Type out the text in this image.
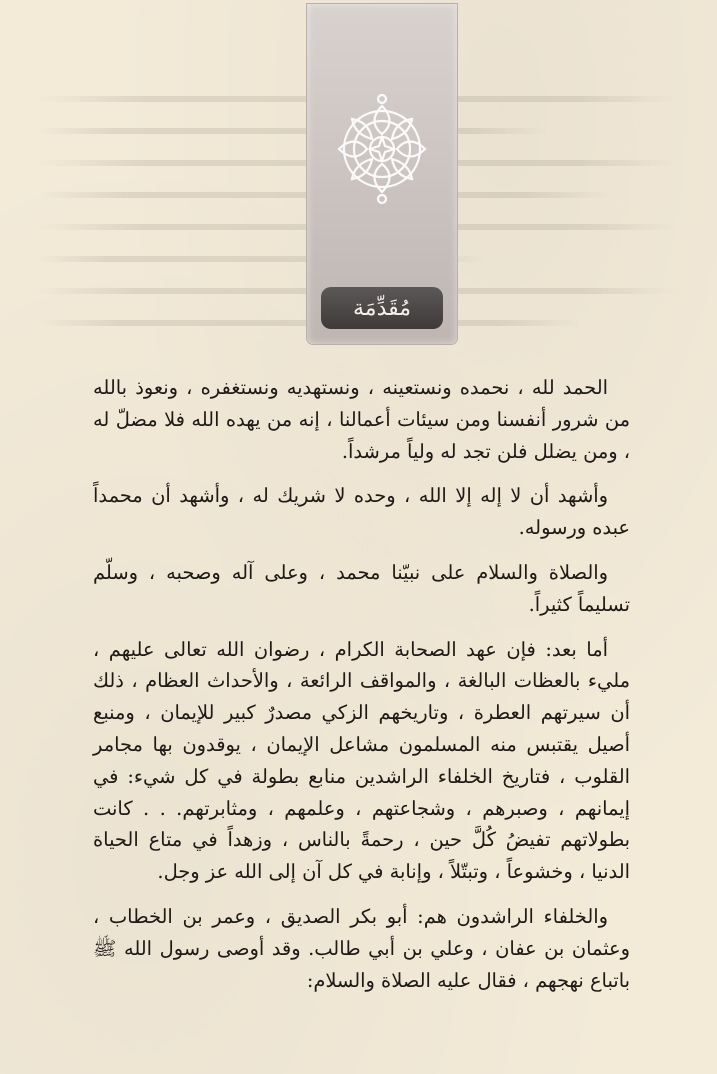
مُقَدِّمَة

الحمد لله ، نحمده ونستعينه ، ونستهديه ونستغفره ، ونعوذ بالله من شرور أنفسنا ومن سيئات أعمالنا ، إنه من يهده الله فلا مضلّ له ، ومن يضلل فلن تجد له ولياً مرشداً.

وأشهد أن لا إله إلا الله ، وحده لا شريك له ، وأشهد أن محمداً عبده ورسوله.

والصلاة والسلام على نبيّنا محمد ، وعلى آله وصحبه ، وسلّم تسليماً كثيراً.

أما بعد: فإن عهد الصحابة الكرام ، رضوان الله تعالى عليهم ، مليء بالعظات البالغة ، والمواقف الرائعة ، والأحداث العظام ، ذلك أن سيرتهم العطرة ، وتاريخهم الزكي مصدرٌ كبير للإيمان ، ومنبع أصيل يقتبس منه المسلمون مشاعل الإيمان ، يوقدون بها مجامر القلوب ، فتاريخ الخلفاء الراشدين منابع بطولة في كل شيء: في إيمانهم ، وصبرهم ، وشجاعتهم ، وعلمهم ، ومثابرتهم. . . كانت بطولاتهم تفيضُ كُلَّ حين ، رحمةً بالناس ، وزهداً في متاع الحياة الدنيا ، وخشوعاً ، وتبتّلاً ، وإنابة في كل آن إلى الله عز وجل.

والخلفاء الراشدون هم: أبو بكر الصديق ، وعمر بن الخطاب ، وعثمان بن عفان ، وعلي بن أبي طالب. وقد أوصى رسول الله ﷺ باتباع نهجهم ، فقال عليه الصلاة والسلام:
